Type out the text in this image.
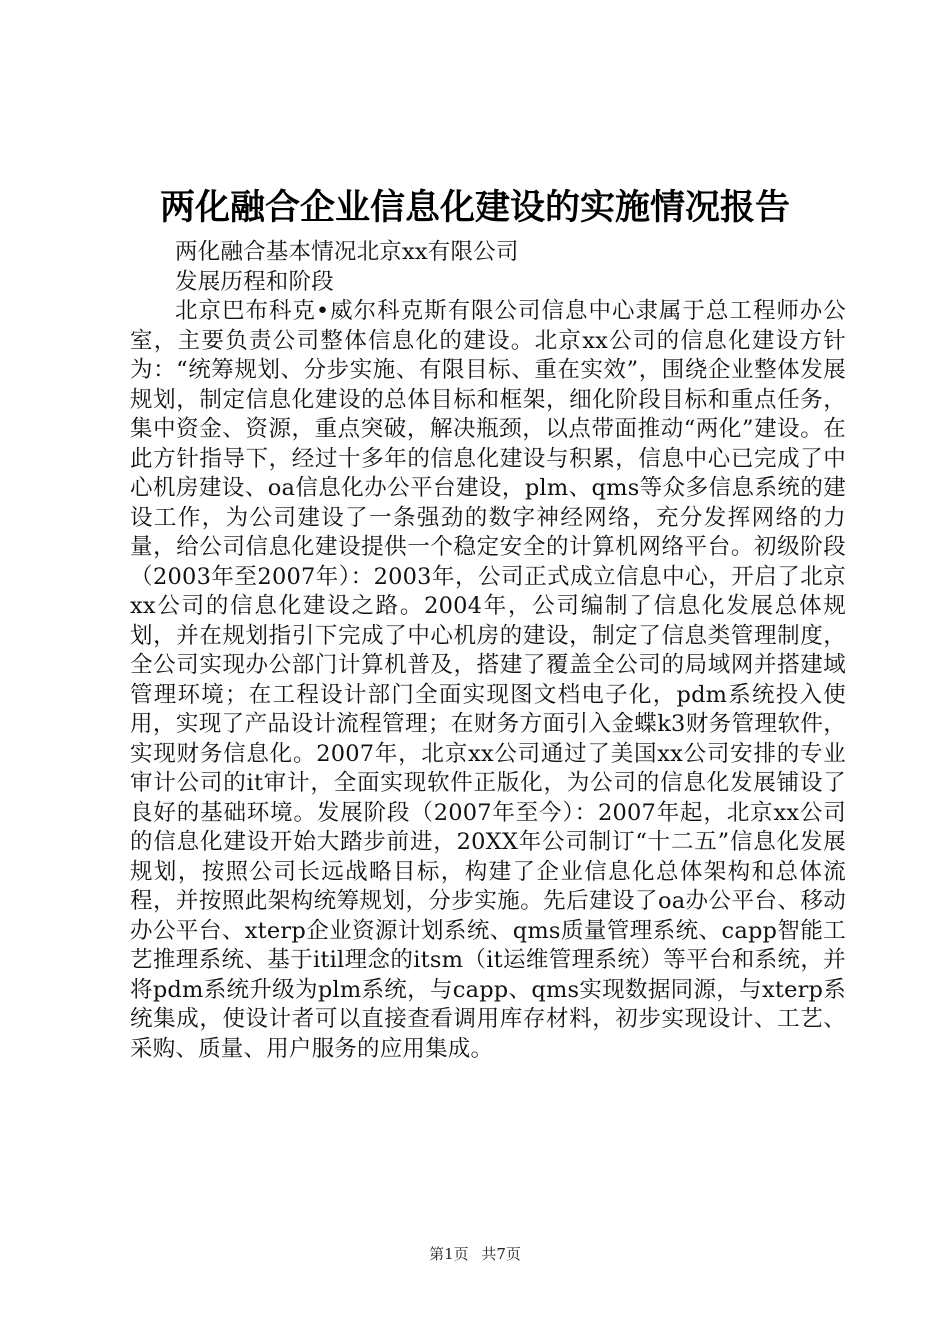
两化融合企业信息化建设的实施情况报告

两化融合基本情况北京xx有限公司

发展历程和阶段

北京巴布科克•威尔科克斯有限公司信息中心隶属于总工程师办公室，主要负责公司整体信息化的建设。北京xx公司的信息化建设方针为：“统筹规划、分步实施、有限目标、重在实效”，围绕企业整体发展规划，制定信息化建设的总体目标和框架，细化阶段目标和重点任务，集中资金、资源，重点突破，解决瓶颈，以点带面推动“两化”建设。在此方针指导下，经过十多年的信息化建设与积累，信息中心已完成了中心机房建设、oa信息化办公平台建设，plm、qms等众多信息系统的建设工作，为公司建设了一条强劲的数字神经网络，充分发挥网络的力量，给公司信息化建设提供一个稳定安全的计算机网络平台。初级阶段（2003年至2007年）：2003年，公司正式成立信息中心，开启了北京xx公司的信息化建设之路。2004年，公司编制了信息化发展总体规划，并在规划指引下完成了中心机房的建设，制定了信息类管理制度，全公司实现办公部门计算机普及，搭建了覆盖全公司的局域网并搭建域管理环境；在工程设计部门全面实现图文档电子化，pdm系统投入使用，实现了产品设计流程管理；在财务方面引入金蝶k3财务管理软件，实现财务信息化。2007年，北京xx公司通过了美国xx公司安排的专业审计公司的it审计，全面实现软件正版化，为公司的信息化发展铺设了良好的基础环境。发展阶段（2007年至今）：2007年起，北京xx公司的信息化建设开始大踏步前进，20XX年公司制订“十二五”信息化发展规划，按照公司长远战略目标，构建了企业信息化总体架构和总体流程，并按照此架构统筹规划，分步实施。先后建设了oa办公平台、移动办公平台、xterp企业资源计划系统、qms质量管理系统、capp智能工艺推理系统、基于itil理念的itsm（it运维管理系统）等平台和系统，并将pdm系统升级为plm系统，与capp、qms实现数据同源，与xterp系统集成，使设计者可以直接查看调用库存材料，初步实现设计、工艺、采购、质量、用户服务的应用集成。

第1页 共7页
